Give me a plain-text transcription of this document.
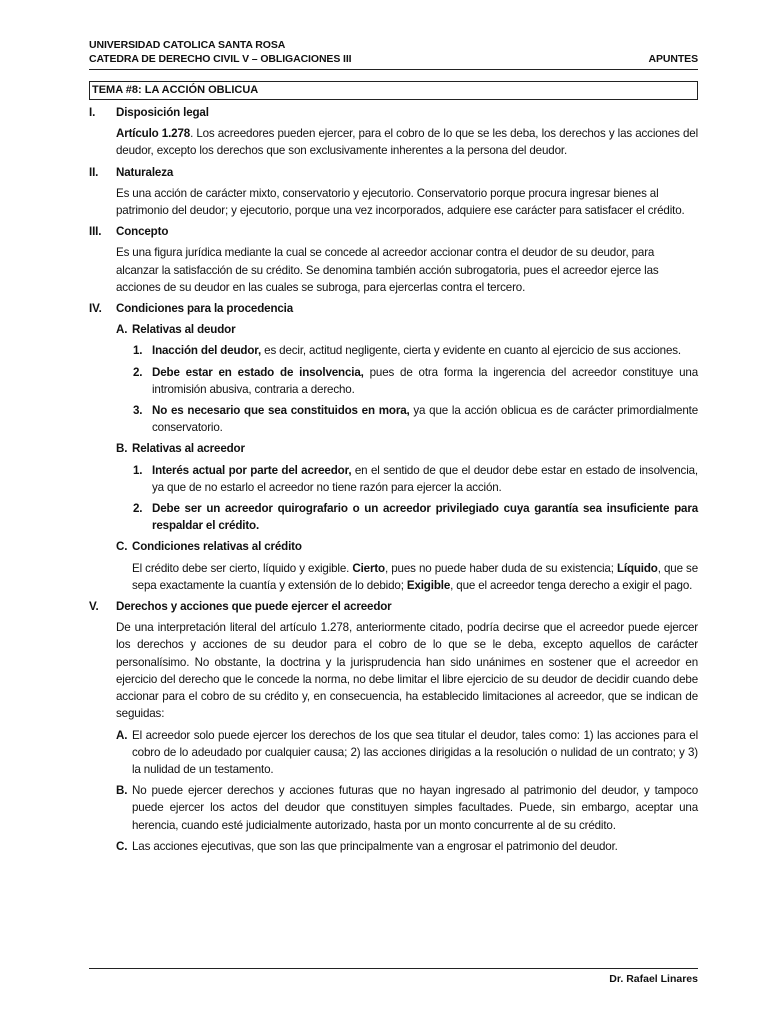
UNIVERSIDAD CATOLICA SANTA ROSA
CATEDRA DE DERECHO CIVIL V – OBLIGACIONES III	APUNTES
TEMA #8: LA ACCIÓN OBLICUA
I.	Disposición legal
Artículo 1.278. Los acreedores pueden ejercer, para el cobro de lo que se les deba, los derechos y las acciones del deudor, excepto los derechos que son exclusivamente inherentes a la persona del deudor.
II.	Naturaleza
Es una acción de carácter mixto, conservatorio y ejecutorio. Conservatorio porque procura ingresar bienes al patrimonio del deudor; y ejecutorio, porque una vez incorporados, adquiere ese carácter para satisfacer el crédito.
III.	Concepto
Es una figura jurídica mediante la cual se concede al acreedor accionar contra el deudor de su deudor, para alcanzar la satisfacción de su crédito. Se denomina también acción subrogatoria, pues el acreedor ejerce las acciones de su deudor en las cuales se subroga, para ejercerlas contra el tercero.
IV.	Condiciones para la procedencia
A. Relativas al deudor
1. Inacción del deudor, es decir, actitud negligente, cierta y evidente en cuanto al ejercicio de sus acciones.
2. Debe estar en estado de insolvencia, pues de otra forma la ingerencia del acreedor constituye una intromisión abusiva, contraria a derecho.
3. No es necesario que sea constituidos en mora, ya que la acción oblicua es de carácter primordialmente conservatorio.
B. Relativas al acreedor
1. Interés actual por parte del acreedor, en el sentido de que el deudor debe estar en estado de insolvencia, ya que de no estarlo el acreedor no tiene razón para ejercer la acción.
2. Debe ser un acreedor quirografario o un acreedor privilegiado cuya garantía sea insuficiente para respaldar el crédito.
C. Condiciones relativas al crédito
El crédito debe ser cierto, líquido y exigible. Cierto, pues no puede haber duda de su existencia; Líquido, que se sepa exactamente la cuantía y extensión de lo debido; Exigible, que el acreedor tenga derecho a exigir el pago.
V.	Derechos y acciones que puede ejercer el acreedor
De una interpretación literal del artículo 1.278, anteriormente citado, podría decirse que el acreedor puede ejercer los derechos y acciones de su deudor para el cobro de lo que se le deba, excepto aquellos de carácter personalísimo. No obstante, la doctrina y la jurisprudencia han sido unánimes en sostener que el acreedor en ejercicio del derecho que le concede la norma, no debe limitar el libre ejercicio de su deudor de decidir cuando debe accionar para el cobro de su crédito y, en consecuencia, ha establecido limitaciones al acreedor, que se indican de seguidas:
A. El acreedor solo puede ejercer los derechos de los que sea titular el deudor, tales como: 1) las acciones para el cobro de lo adeudado por cualquier causa; 2) las acciones dirigidas a la resolución o nulidad de un contrato; y 3) la nulidad de un testamento.
B. No puede ejercer derechos y acciones futuras que no hayan ingresado al patrimonio del deudor, y tampoco puede ejercer los actos del deudor que constituyen simples facultades. Puede, sin embargo, aceptar una herencia, cuando esté judicialmente autorizado, hasta por un monto concurrente al de su crédito.
C. Las acciones ejecutivas, que son las que principalmente van a engrosar el patrimonio del deudor.
Dr. Rafael Linares
